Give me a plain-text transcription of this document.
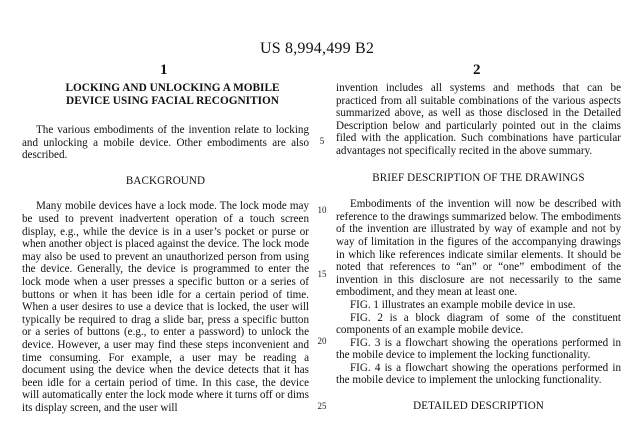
US 8,994,499 B2
1	2

LOCKING AND UNLOCKING A MOBILE

DEVICE USING FACIAL RECOGNITION

The various embodiments of the invention relate to locking and unlocking a mobile device. Other embodiments are also described.

BACKGROUND

Many mobile devices have a lock mode. The lock mode may be used to prevent inadvertent operation of a touch screen display, e.g., while the device is in a user’s pocket or purse or when another object is placed against the device. The lock mode may also be used to prevent an unauthorized person from using the device. Generally, the device is programmed to enter the lock mode when a user presses a specific button or a series of buttons or when it has been idle for a certain period of time. When a user desires to use a device that is locked, the user will typically be required to drag a slide bar, press a specific button or a series of buttons (e.g., to enter a password) to unlock the device. However, a user may find these steps inconvenient and time consuming. For example, a user may be reading a document using the device when the device detects that it has been idle for a certain period of time. In this case, the device will automatically enter the lock mode where it turns off or dims its display screen, and the user will

5
10
15
20
25

invention includes all systems and methods that can be practiced from all suitable combinations of the various aspects summarized above, as well as those disclosed in the Detailed Description below and particularly pointed out in the claims filed with the application. Such combinations have particular advantages not specifically recited in the above summary.

BRIEF DESCRIPTION OF THE DRAWINGS

Embodiments of the invention will now be described with reference to the drawings summarized below. The embodiments of the invention are illustrated by way of example and not by way of limitation in the figures of the accompanying drawings in which like references indicate similar elements. It should be noted that references to “an” or “one” embodiment of the invention in this disclosure are not necessarily to the same embodiment, and they mean at least one.

FIG. 1 illustrates an example mobile device in use.

FIG. 2 is a block diagram of some of the constituent components of an example mobile device.

FIG. 3 is a flowchart showing the operations performed in the mobile device to implement the locking functionality.

FIG. 4 is a flowchart showing the operations performed in the mobile device to implement the unlocking functionality.

DETAILED DESCRIPTION
